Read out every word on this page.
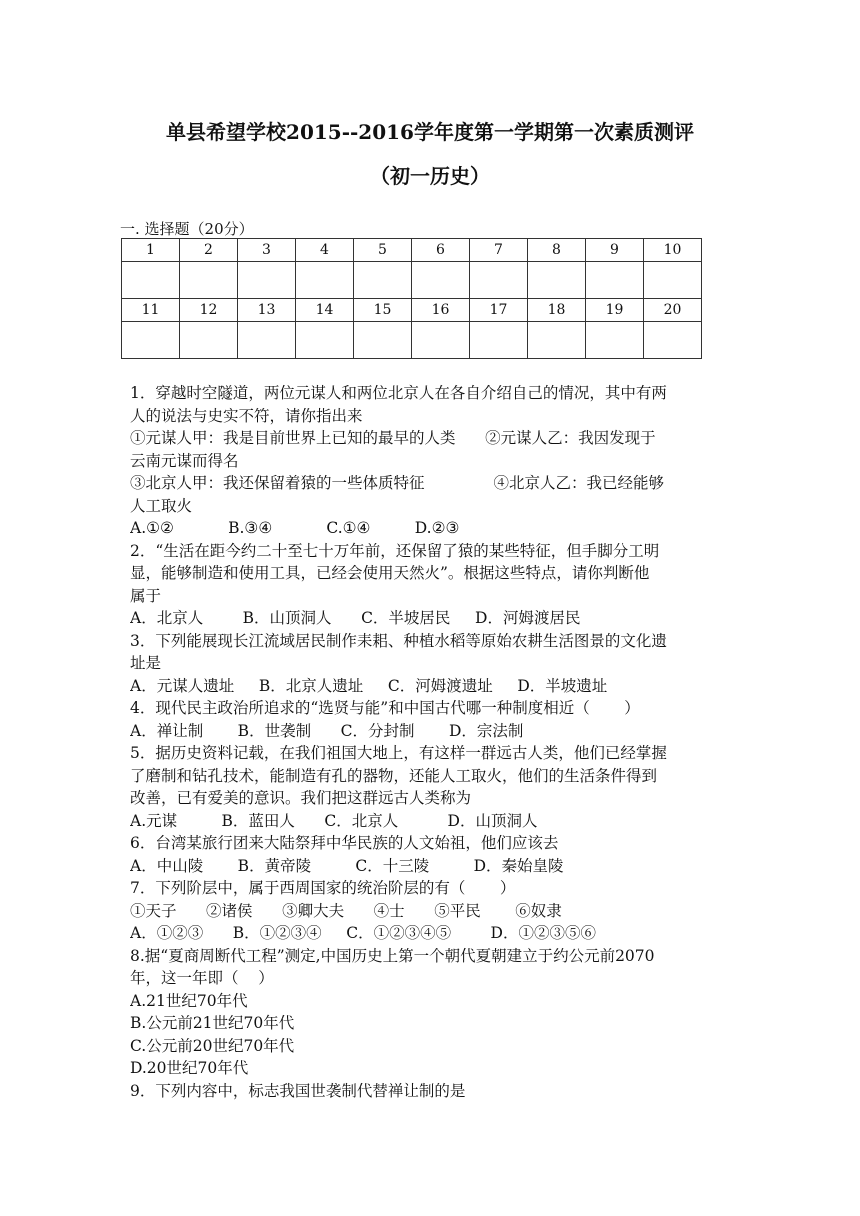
单县希望学校2015--2016学年度第一学期第一次素质测评
（初一历史）
一. 选择题（20分）
1	2	3	4	5	6	7	8	9	10

11	12	13	14	15	16	17	18	19	20

1．穿越时空隧道，两位元谋人和两位北京人在各自介绍自己的情况，其中有两
人的说法与史实不符，请你指出来
①元谋人甲：我是目前世界上已知的最早的人类      ②元谋人乙：我因发现于
云南元谋而得名
③北京人甲：我还保留着猿的一些体质特征              ④北京人乙：我已经能够
人工取火
A.①②           B.③④           C.①④         D.②③
2．“生活在距今约二十至七十万年前，还保留了猿的某些特征，但手脚分工明
显，能够制造和使用工具，已经会使用天然火”。根据这些特点，请你判断他
属于
A．北京人        B．山顶洞人      C．半坡居民     D．河姆渡居民
3．下列能展现长江流域居民制作耒耜、种植水稻等原始农耕生活图景的文化遗
址是
A．元谋人遗址     B．北京人遗址     C．河姆渡遗址     D．半坡遗址
4．现代民主政治所追求的“选贤与能”和中国古代哪一种制度相近（       ）
A．禅让制       B．世袭制      C．分封制       D．宗法制
5．据历史资料记载，在我们祖国大地上，有这样一群远古人类，他们已经掌握
了磨制和钻孔技术，能制造有孔的器物，还能人工取火，他们的生活条件得到
改善，已有爱美的意识。我们把这群远古人类称为
A.元谋         B．蓝田人      C．北京人          D．山顶洞人
6．台湾某旅行团来大陆祭拜中华民族的人文始祖，他们应该去
A．中山陵       B．黄帝陵         C．十三陵         D．秦始皇陵
7．下列阶层中，属于西周国家的统治阶层的有（       ）
①天子      ②诸侯      ③卿大夫      ④士      ⑤平民       ⑥奴隶
A．①②③      B．①②③④     C．①②③④⑤        D．①②③⑤⑥
8.据“夏商周断代工程”测定,中国历史上第一个朝代夏朝建立于约公元前2070
年，这一年即（    ）
A.21世纪70年代
B.公元前21世纪70年代
C.公元前20世纪70年代
D.20世纪70年代
9．下列内容中，标志我国世袭制代替禅让制的是
